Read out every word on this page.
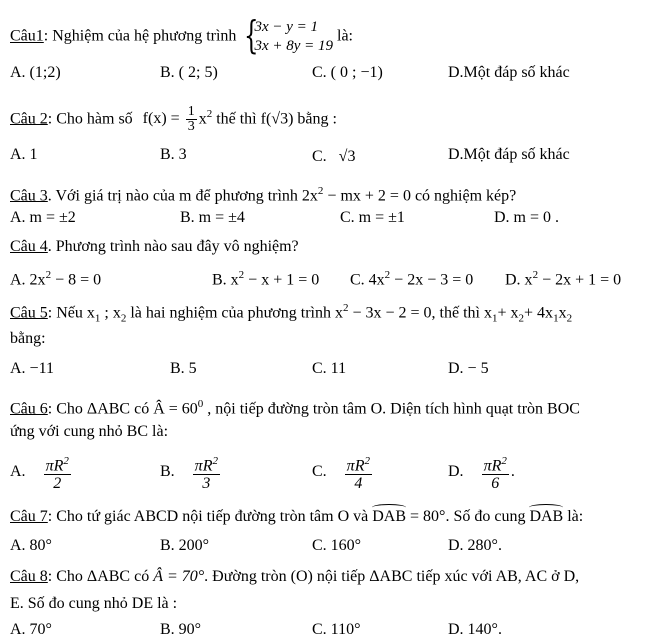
Câu1: Nghiệm của hệ phương trình {
3x − y = 1
3x + 8y = 19
là:
A. (1;2)	B. ( 2; 5)	C. ( 0 ; −1)	D.Một đáp số khác
Câu 2: Cho hàm số $f(x) = \frac{1}{3} x^2$ thế thì f(√3) bằng :
A. 1	B. 3	C. √3	D.Một đáp số khác
Câu 3. Với giá trị nào của m để phương trình $2x^2$ − mx + 2 = 0 có nghiệm kép?
A. m = ±2	B. m = ±4	C. m = ±1	D. m = 0 .
Câu 4. Phương trình nào sau đây vô nghiệm?
A. $2x^2 - 8 = 0$	B. $x^2 - x + 1 = 0$ C. $4x^2 - 2x - 3 = 0$ D. $x^2 - 2x + 1 = 0$
Câu 5: Nếu $x_1$ ; $x_2$ là hai nghiệm của phương trình $x^2 - 3x - 2 = 0$, thế thì $x_1+ x_2+ 4x_1x_2$
bằng:
A. −11	B. 5	C. 11	D. − 5
Câu 6: Cho ΔABC có Â = $60^0$ , nội tiếp đường tròn tâm O. Diện tích hình quạt tròn BOC
ứng với cung nhỏ BC là:
A. $\frac{\pi R^2}{2}$	B. $\frac{\pi R^2}{3}$	C. $\frac{\pi R^2}{4}$	D. $\frac{\pi R^2}{6}$ .
Câu 7: Cho tứ giác ABCD nội tiếp đường tròn tâm O và DAB = 80°. Số đo cung DAB là:
A. 80°	B. 200°	C. 160°	D. 280°.
Câu 8: Cho ΔABC có Â = 70°. Đường tròn (O) nội tiếp ΔABC tiếp xúc với AB, AC ở D,
E. Số đo cung nhỏ DE là :
A. 70°	B. 90°	C. 110°	D. 140°.
